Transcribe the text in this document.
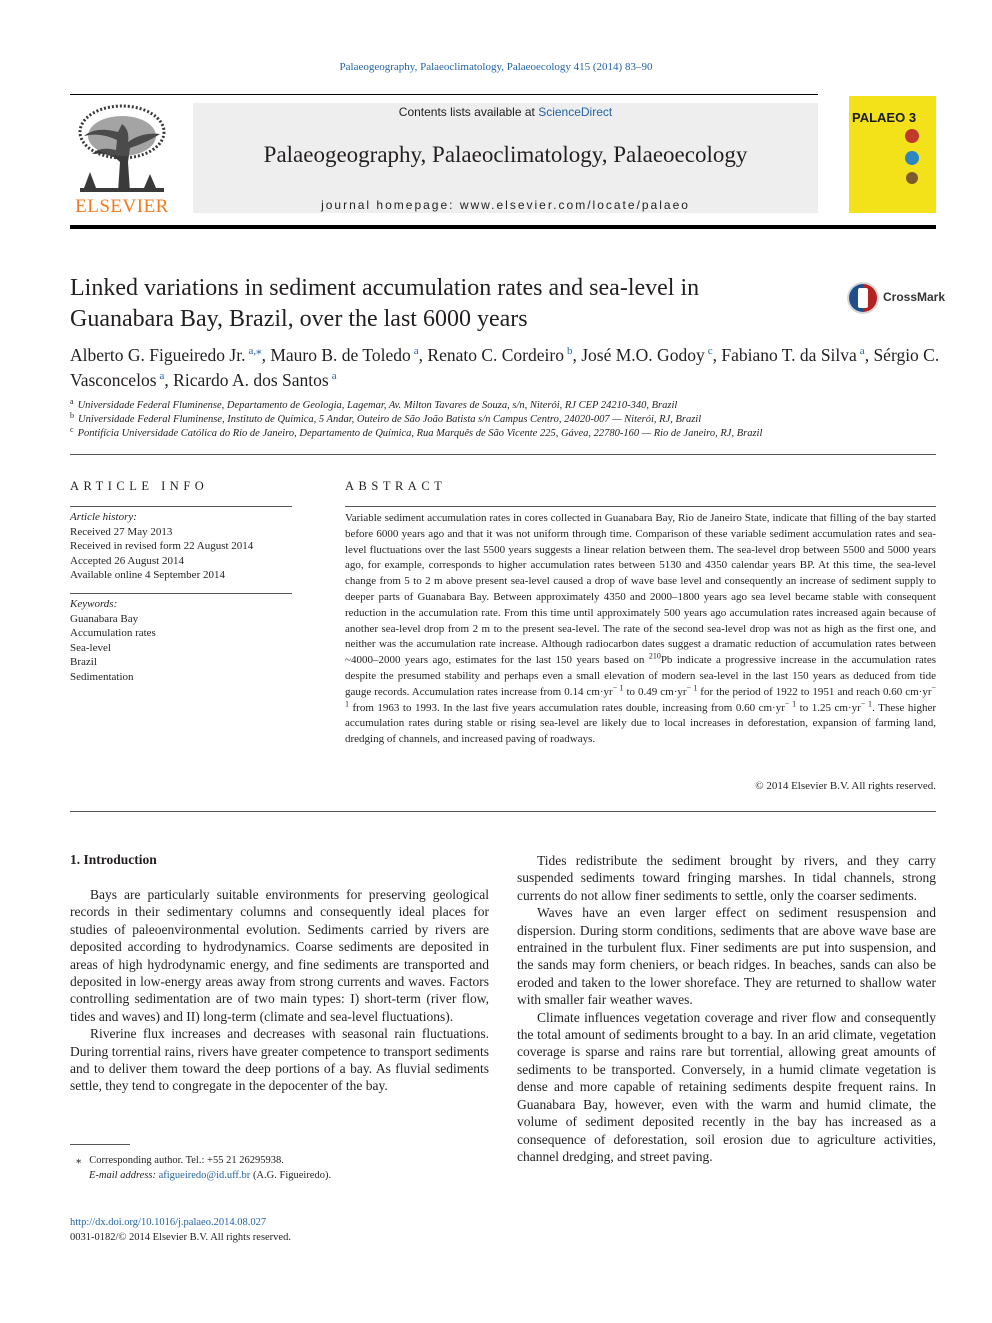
Palaeogeography, Palaeoclimatology, Palaeoecology 415 (2014) 83–90
ELSEVIER
Contents lists available at ScienceDirect
Palaeogeography, Palaeoclimatology, Palaeoecology
journal homepage: www.elsevier.com/locate/palaeo
PALAEO 3
Linked variations in sediment accumulation rates and sea-level in Guanabara Bay, Brazil, over the last 6000 years
CrossMark
Alberto G. Figueiredo Jr. $^{a,⁎}$, Mauro B. de Toledo $^a$, Renato C. Cordeiro $^b$, José M.O. Godoy $^c$, Fabiano T. da Silva $^a$, Sérgio C. Vasconcelos $^a$, Ricardo A. dos Santos $^a$
$^a$ Universidade Federal Fluminense, Departamento de Geologia, Lagemar, Av. Milton Tavares de Souza, s/n, Niterói, RJ CEP 24210-340, Brazil
$^b$ Universidade Federal Fluminense, Instituto de Química, 5 Andar, Outeiro de São João Batista s/n Campus Centro, 24020-007 — Niterói, RJ, Brazil
$^c$ Pontifícia Universidade Católica do Rio de Janeiro, Departamento de Química, Rua Marquês de São Vicente 225, Gávea, 22780-160 — Rio de Janeiro, RJ, Brazil
ARTICLE INFO
Article history:
Received 27 May 2013
Received in revised form 22 August 2014
Accepted 26 August 2014
Available online 4 September 2014
Keywords:
Guanabara Bay
Accumulation rates
Sea-level
Brazil
Sedimentation
ABSTRACT
Variable sediment accumulation rates in cores collected in Guanabara Bay, Rio de Janeiro State, indicate that filling of the bay started before 6000 years ago and that it was not uniform through time. Comparison of these variable sediment accumulation rates and sea-level fluctuations over the last 5500 years suggests a linear relation between them. The sea-level drop between 5500 and 5000 years ago, for example, corresponds to higher accumulation rates between 5130 and 4350 calendar years BP. At this time, the sea-level change from 5 to 2 m above present sea-level caused a drop of wave base level and consequently an increase of sediment supply to deeper parts of Guanabara Bay. Between approximately 4350 and 2000–1800 years ago sea level became stable with consequent reduction in the accumulation rate. From this time until approximately 500 years ago accumulation rates increased again because of another sea-level drop from 2 m to the present sea-level. The rate of the second sea-level drop was not as high as the first one, and neither was the accumulation rate increase. Although radiocarbon dates suggest a dramatic reduction of accumulation rates between ~4000–2000 years ago, estimates for the last 150 years based on $^{210}$Pb indicate a progressive increase in the accumulation rates despite the presumed stability and perhaps even a small elevation of modern sea-level in the last 150 years as deduced from tide gauge records. Accumulation rates increase from 0.14 $cm\cdot yr^{- 1}$ to 0.49 $cm\cdot yr^{- 1}$ for the period of 1922 to 1951 and reach 0.60 $cm\cdot yr^{- 1}$ from 1963 to 1993. In the last five years accumulation rates double, increasing from 0.60 $cm\cdot yr^{- 1}$ to 1.25 $cm\cdot yr^{- 1}$. These higher accumulation rates during stable or rising sea-level are likely due to local increases in deforestation, expansion of farming land, dredging of channels, and increased paving of roadways.
© 2014 Elsevier B.V. All rights reserved.
1. Introduction

Bays are particularly suitable environments for preserving geological records in their sedimentary columns and consequently ideal places for studies of paleoenvironmental evolution. Sediments carried by rivers are deposited according to hydrodynamics. Coarse sediments are deposited in areas of high hydrodynamic energy, and fine sediments are transported and deposited in low-energy areas away from strong currents and waves. Factors controlling sedimentation are of two main types: I) short-term (river flow, tides and waves) and II) long-term (climate and sea-level fluctuations).

Riverine flux increases and decreases with seasonal rain fluctuations. During torrential rains, rivers have greater competence to transport sediments and to deliver them toward the deep portions of a bay. As fluvial sediments settle, they tend to congregate in the depocenter of the bay.

Tides redistribute the sediment brought by rivers, and they carry suspended sediments toward fringing marshes. In tidal channels, strong currents do not allow finer sediments to settle, only the coarser sediments.

Waves have an even larger effect on sediment resuspension and dispersion. During storm conditions, sediments that are above wave base are entrained in the turbulent flux. Finer sediments are put into suspension, and the sands may form cheniers, or beach ridges. In beaches, sands can also be eroded and taken to the lower shoreface. They are returned to shallow water with smaller fair weather waves.

Climate influences vegetation coverage and river flow and consequently the total amount of sediments brought to a bay. In an arid climate, vegetation coverage is sparse and rains rare but torrential, allowing great amounts of sediments to be transported. Conversely, in a humid climate vegetation is dense and more capable of retaining sediments despite frequent rains. In Guanabara Bay, however, even with the warm and humid climate, the volume of sediment deposited recently in the bay has increased as a consequence of deforestation, soil erosion due to agriculture activities, channel dredging, and street paving.

⁎ Corresponding author. Tel.: +55 21 26295938.
E-mail address: afigueiredo@id.uff.br (A.G. Figueiredo).
http://dx.doi.org/10.1016/j.palaeo.2014.08.027
0031-0182/© 2014 Elsevier B.V. All rights reserved.
